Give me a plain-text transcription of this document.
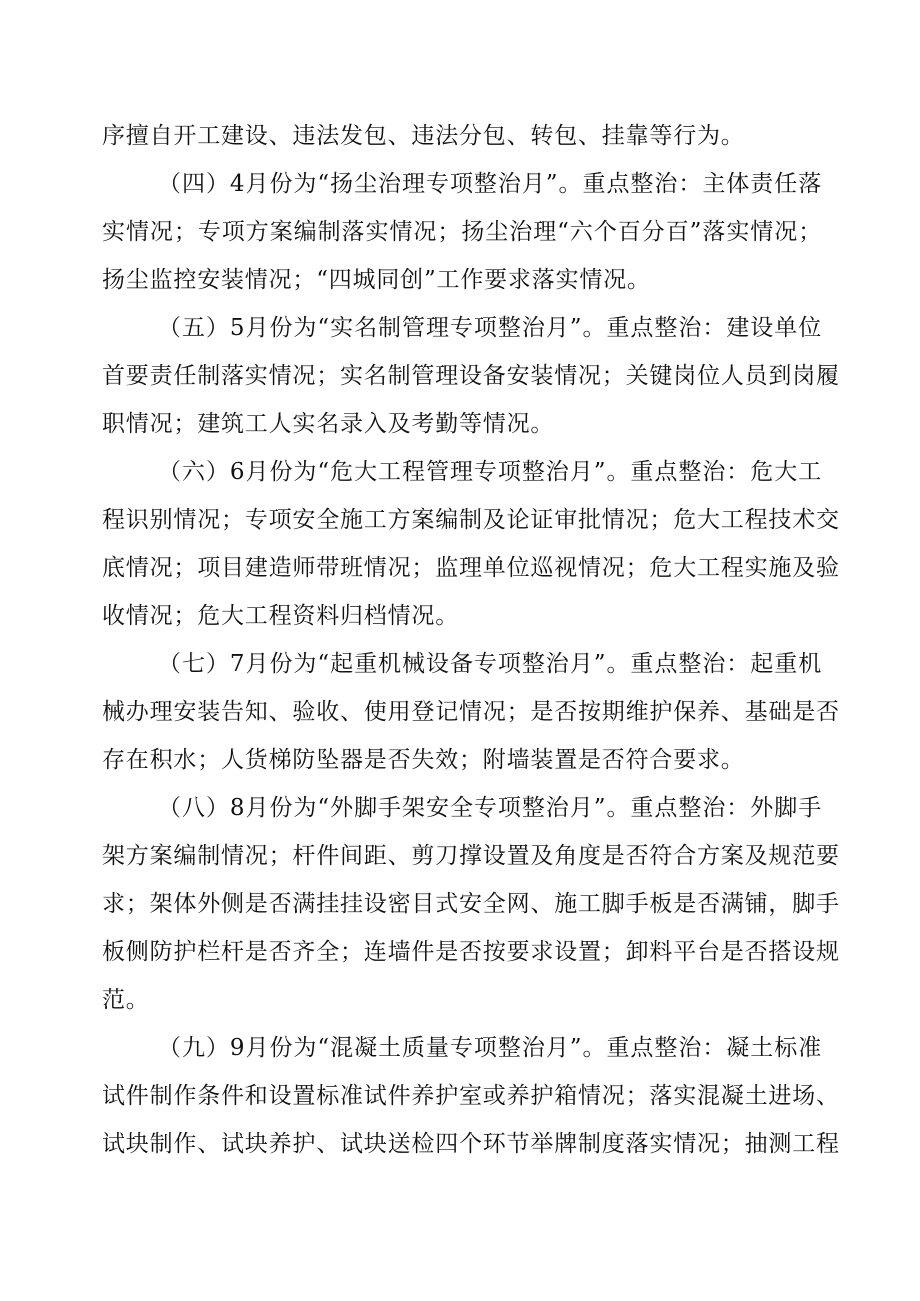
序擅自开工建设、违法发包、违法分包、转包、挂靠等行为。
（四）4月份为“扬尘治理专项整治月”。重点整治：主体责任落
实情况；专项方案编制落实情况；扬尘治理“六个百分百”落实情况；
扬尘监控安装情况；“四城同创”工作要求落实情况。
（五）5月份为“实名制管理专项整治月”。重点整治：建设单位
首要责任制落实情况；实名制管理设备安装情况；关键岗位人员到岗履
职情况；建筑工人实名录入及考勤等情况。
（六）6月份为“危大工程管理专项整治月”。重点整治：危大工
程识别情况；专项安全施工方案编制及论证审批情况；危大工程技术交
底情况；项目建造师带班情况；监理单位巡视情况；危大工程实施及验
收情况；危大工程资料归档情况。
（七）7月份为“起重机械设备专项整治月”。重点整治：起重机
械办理安装告知、验收、使用登记情况；是否按期维护保养、基础是否
存在积水；人货梯防坠器是否失效；附墙装置是否符合要求。
（八）8月份为“外脚手架安全专项整治月”。重点整治：外脚手
架方案编制情况；杆件间距、剪刀撑设置及角度是否符合方案及规范要
求；架体外侧是否满挂挂设密目式安全网、施工脚手板是否满铺，脚手
板侧防护栏杆是否齐全；连墙件是否按要求设置；卸料平台是否搭设规
范。
（九）9月份为“混凝土质量专项整治月”。重点整治：凝土标准
试件制作条件和设置标准试件养护室或养护箱情况；落实混凝土进场、
试块制作、试块养护、试块送检四个环节举牌制度落实情况；抽测工程
